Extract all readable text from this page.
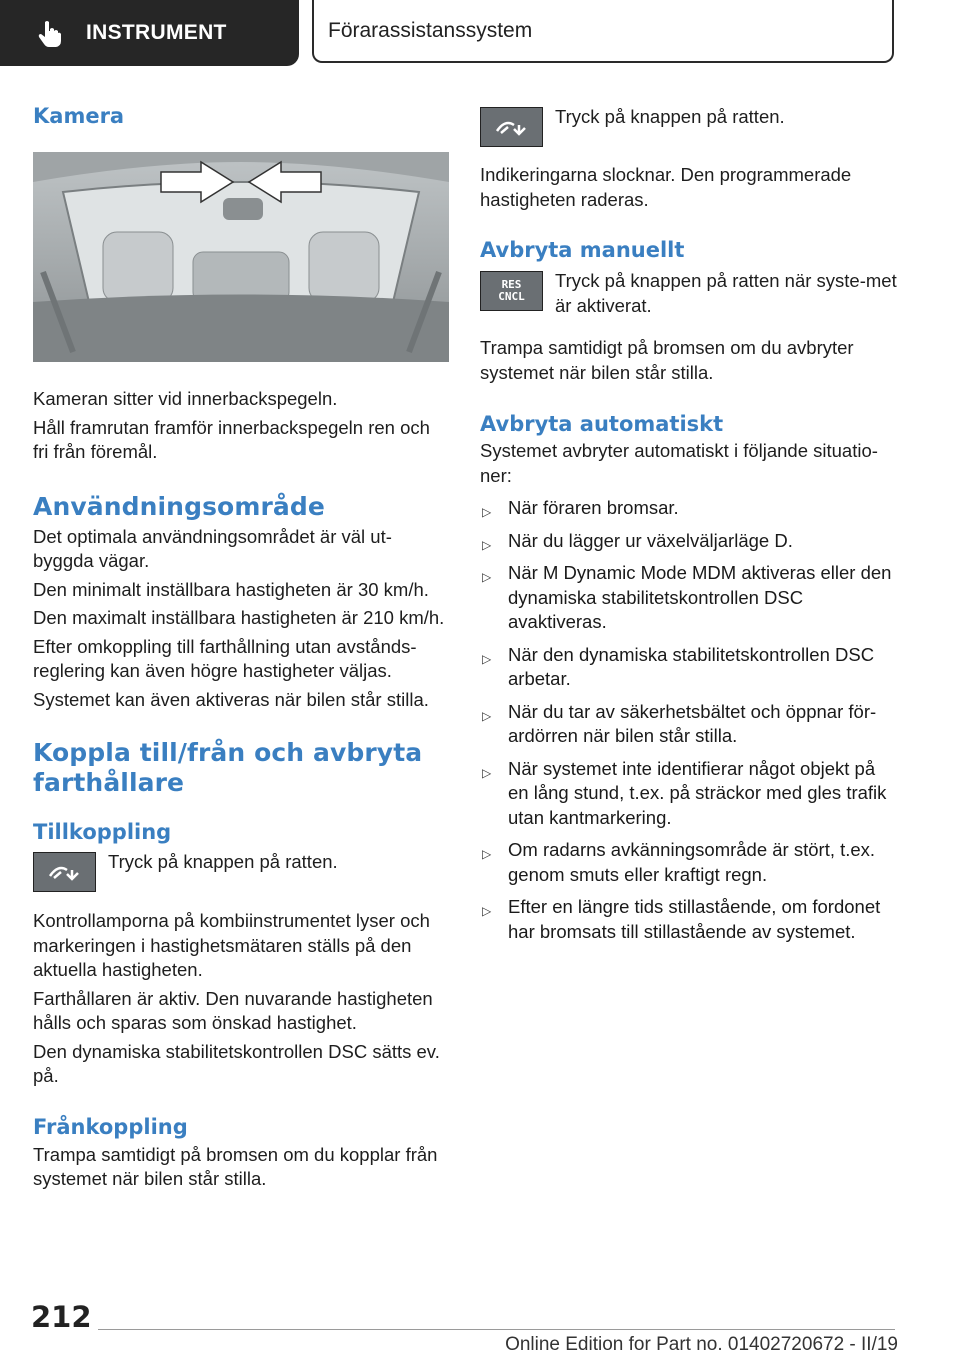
INSTRUMENT	Förarassistanssystem
Kamera

Kameran sitter vid innerbackspegeln.

Håll framrutan framför innerbackspegeln ren och fri från föremål.

Användningsområde

Det optimala användningsområdet är väl ut-byggda vägar.

Den minimalt inställbara hastigheten är 30 km/h.

Den maximalt inställbara hastigheten är 210 km/h.

Efter omkoppling till farthållning utan avstånds-reglering kan även högre hastigheter väljas.

Systemet kan även aktiveras när bilen står stilla.

Koppla till/från och avbryta farthållare
Tillkoppling

Tryck på knappen på ratten.

Kontrollamporna på kombiinstrumentet lyser och markeringen i hastighetsmätaren ställs på den aktuella hastigheten.

Farthållaren är aktiv. Den nuvarande hastigheten hålls och sparas som önskad hastighet.

Den dynamiska stabilitetskontrollen DSC sätts ev. på.

Frånkoppling

Trampa samtidigt på bromsen om du kopplar från systemet när bilen står stilla.

Tryck på knappen på ratten.

Indikeringarna slocknar. Den programmerade hastigheten raderas.

Avbryta manuellt
RES
CNCL

Tryck på knappen på ratten när syste-met är aktiverat.

Trampa samtidigt på bromsen om du avbryter systemet när bilen står stilla.

Avbryta automatiskt

Systemet avbryter automatiskt i följande situatio-ner:

▷ När föraren bromsar.
▷ När du lägger ur växelväljarläge D.
▷ När M Dynamic Mode MDM aktiveras eller den dynamiska stabilitetskontrollen DSC avaktiveras.
▷ När den dynamiska stabilitetskontrollen DSC arbetar.
▷ När du tar av säkerhetsbältet och öppnar för-ardörren när bilen står stilla.
▷ När systemet inte identifierar något objekt på en lång stund, t.ex. på sträckor med gles trafik utan kantmarkering.
▷ Om radarns avkänningsområde är stört, t.ex. genom smuts eller kraftigt regn.
▷ Efter en längre tids stillastående, om fordonet har bromsats till stillastående av systemet.
212
Online Edition for Part no. 01402720672 - II/19
